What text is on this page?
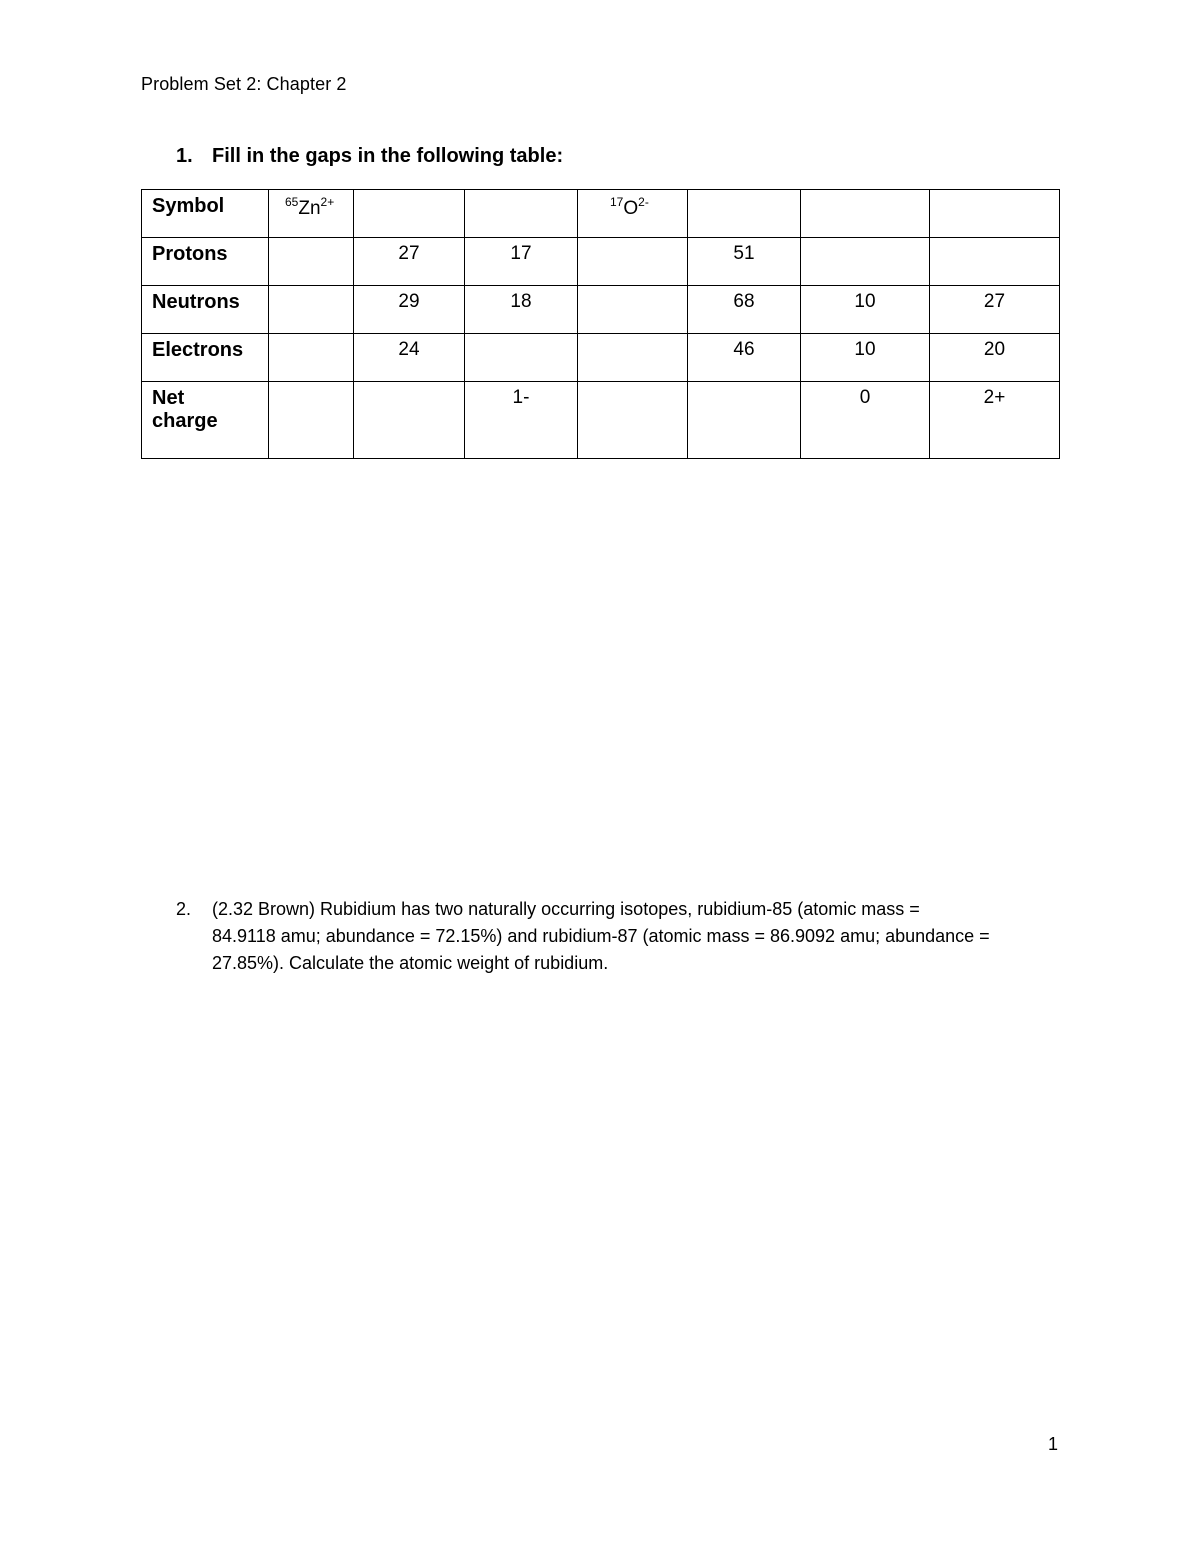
Problem Set 2: Chapter 2
1. Fill in the gaps in the following table:
Symbol	$^{65}Zn^{2+}$			$^{17}O^{2-}$			
Protons		27	17		51		
Neutrons		29	18		68	10	27
Electrons		24			46	10	20
Net charge			1-			0	2+
2. (2.32 Brown) Rubidium has two naturally occurring isotopes, rubidium-85 (atomic mass =
84.9118 amu; abundance = 72.15%) and rubidium-87 (atomic mass = 86.9092 amu; abundance =
27.85%). Calculate the atomic weight of rubidium.
1
